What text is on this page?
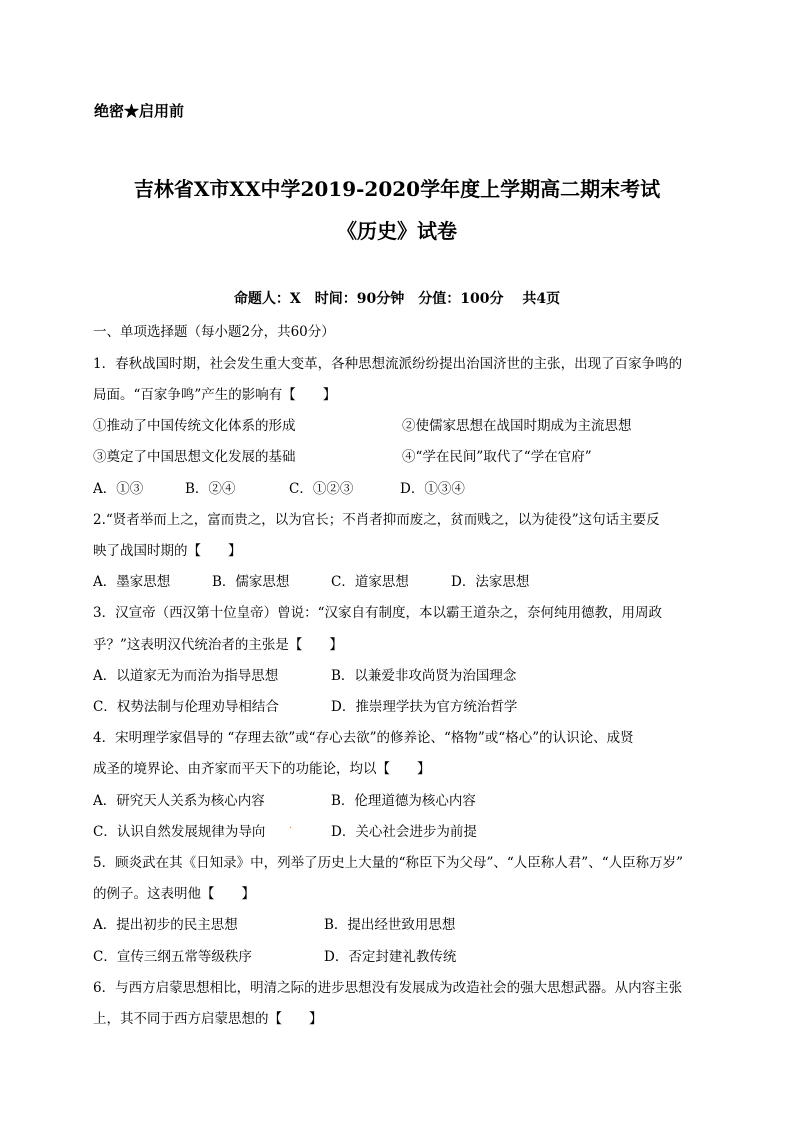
绝密★启用前
吉林省X市XX中学2019-2020学年度上学期高二期末考试
《历史》试卷
命题人：X　时间：90分钟　分值：100分　 共4页
一、单项选择题（每小题2分，共60分）
1．春秋战国时期，社会发生重大变革，各种思想流派纷纷提出治国济世的主张，出现了百家争鸣的
局面。“百家争鸣”产生的影响有【　　】
①推动了中国传统文化体系的形成	②使儒家思想在战国时期成为主流思想
③奠定了中国思想文化发展的基础	④“学在民间”取代了“学在官府”
A．①③	B．②④	C．①②③	D．①③④
2.“贤者举而上之，富而贵之，以为官长；不肖者抑而废之，贫而贱之，以为徒役”这句话主要反
映了战国时期的【　　】
A．墨家思想	B．儒家思想	C．道家思想	D．法家思想
3．汉宣帝（西汉第十位皇帝）曾说：“汉家自有制度，本以霸王道杂之，奈何纯用德教，用周政
乎？”这表明汉代统治者的主张是【　　】
A．以道家无为而治为指导思想	B．以兼爱非攻尚贤为治国理念
C．权势法制与伦理劝导相结合	D．推崇理学扶为官方统治哲学
4．宋明理学家倡导的 “存理去欲”或“存心去欲”的修养论、“格物”或“格心”的认识论、成贤
成圣的境界论、由齐家而平天下的功能论，均以【　　】
A．研究天人关系为核心内容	B．伦理道德为核心内容
C．认识自然发展规律为导向 .	D．关心社会进步为前提
5．顾炎武在其《日知录》中，列举了历史上大量的“称臣下为父母”、“人臣称人君”、“人臣称万岁”
的例子。这表明他【　　】
A．提出初步的民主思想	B．提出经世致用思想
C．宣传三纲五常等级秩序	D．否定封建礼教传统
6．与西方启蒙思想相比，明清之际的进步思想没有发展成为改造社会的强大思想武器。从内容主张
上，其不同于西方启蒙思想的【　　】
